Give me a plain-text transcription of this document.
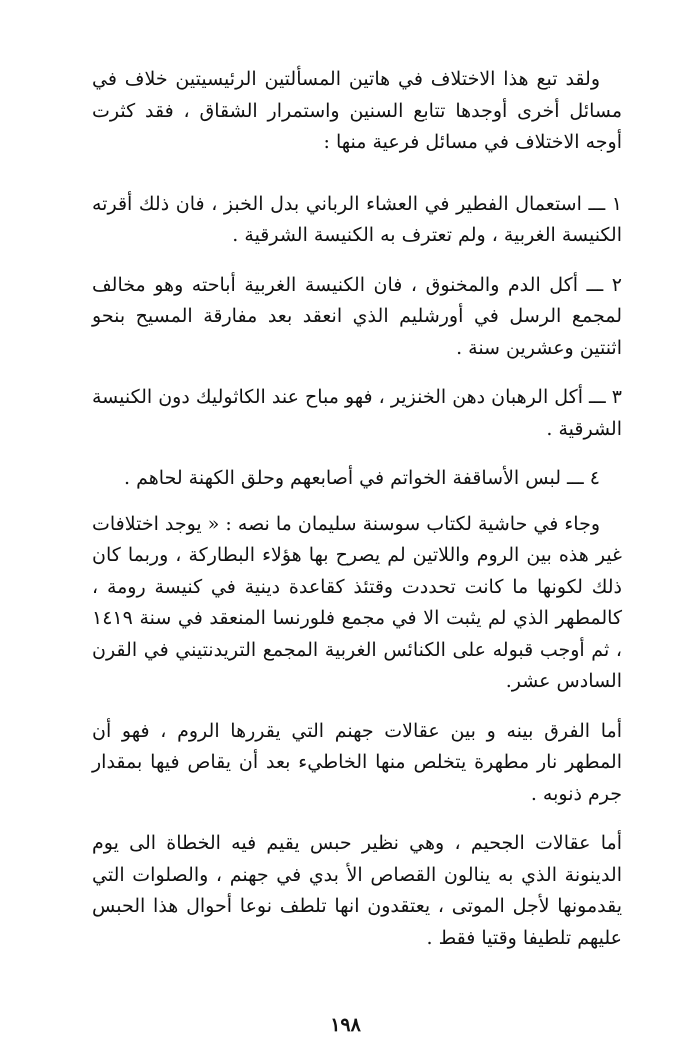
ولقد تبع هذا الاختلاف في هاتين المسألتين الرئيسيتين خلاف في مسائل أخرى أوجدها تتابع السنين واستمرار الشقاق ، فقد كثرت أوجه الاختلاف في مسائل فرعية منها :

١ ـــ استعمال الفطير في العشاء الرباني بدل الخبز ، فان ذلك أقرته الكنيسة الغربية ، ولم تعترف به الكنيسة الشرقية .

٢ ـــ أكل الدم والمخنوق ، فان الكنيسة الغربية أباحته وهو مخالف لمجمع الرسل في أورشليم الذي انعقد بعد مفارقة المسيح بنحو اثنتين وعشرين سنة .

٣ ـــ أكل الرهبان دهن الخنزير ، فهو مباح عند الكاثوليك دون الكنيسة الشرقية .

٤ ـــ لبس الأساقفة الخواتم في أصابعهم وحلق الكهنة لحاهم .

وجاء في حاشية لكتاب سوسنة سليمان ما نصه : « يوجد اختلافات غير هذه بين الروم واللاتين لم يصرح بها هؤلاء البطاركة ، وربما كان ذلك لكونها ما كانت تحددت وقتئذ كقاعدة دينية في كنيسة رومة ، كالمطهر الذي لم يثبت الا في مجمع فلورنسا المنعقد في سنة ١٤١٩ ، ثم أوجب قبوله على الكنائس الغربية المجمع التريدنتيني في القرن السادس عشر.

أما الفرق بينه و بين عقالات جهنم التي يقررها الروم ، فهو أن المطهر نار مطهرة يتخلص منها الخاطيء بعد أن يقاص فيها بمقدار جرم ذنوبه .

أما عقالات الجحيم ، وهي نظير حبس يقيم فيه الخطاة الى يوم الدينونة الذي به ينالون القصاص الأ بدي في جهنم ، والصلوات التي يقدمونها لأجل الموتى ، يعتقدون انها تلطف نوعا أحوال هذا الحبس عليهم تلطيفا وقتيا فقط .

١٩٨
